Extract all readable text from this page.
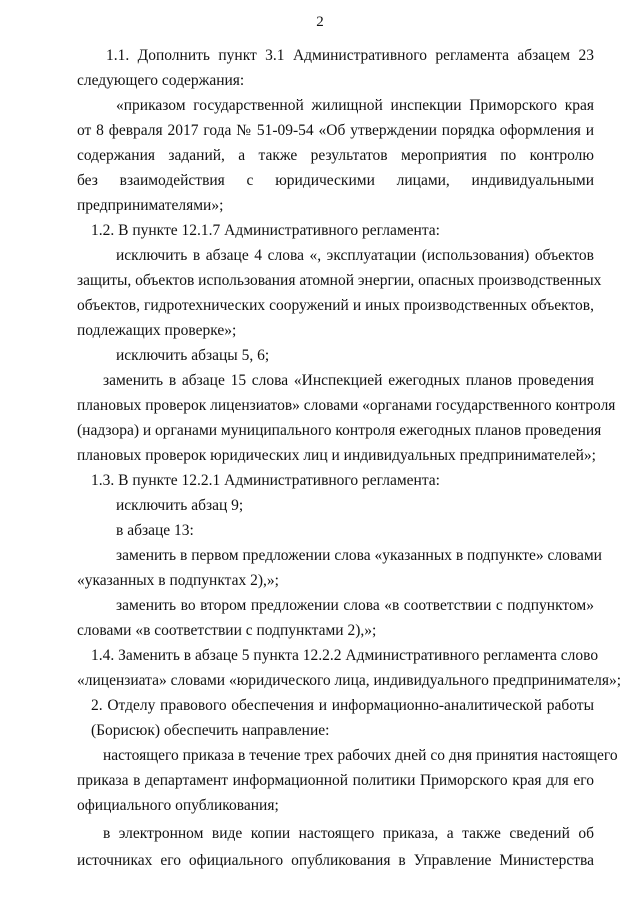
2
1.1. Дополнить пункт 3.1 Административного регламента абзацем 23
следующего содержания:
«приказом государственной жилищной инспекции Приморского края
от 8 февраля 2017 года № 51-09-54 «Об утверждении порядка оформления и
содержания заданий, а также результатов мероприятия по контролю
без взаимодействия с юридическими лицами, индивидуальными
предпринимателями»;
1.2. В пункте 12.1.7 Административного регламента:
исключить в абзаце 4 слова «, эксплуатации (использования) объектов
защиты, объектов использования атомной энергии, опасных производственных
объектов, гидротехнических сооружений и иных производственных объектов,
подлежащих проверке»;
исключить абзацы 5, 6;
заменить в абзаце 15 слова «Инспекцией ежегодных планов проведения
плановых проверок лицензиатов» словами «органами государственного контроля
(надзора) и органами муниципального контроля ежегодных планов проведения
плановых проверок юридических лиц и индивидуальных предпринимателей»;
1.3. В пункте 12.2.1 Административного регламента:
исключить абзац 9;
в абзаце 13:
заменить в первом предложении слова «указанных в подпункте» словами
«указанных в подпунктах 2),»;
заменить во втором предложении слова «в соответствии с подпунктом»
словами «в соответствии с подпунктами 2),»;
1.4. Заменить в абзаце 5 пункта 12.2.2 Административного регламента слово
«лицензиата» словами «юридического лица, индивидуального предпринимателя»;
2. Отделу правового обеспечения и информационно-аналитической работы
(Борисюк) обеспечить направление:
настоящего приказа в течение трех рабочих дней со дня принятия настоящего
приказа в департамент информационной политики Приморского края для его
официального опубликования;
в электронном виде копии настоящего приказа, а также сведений об
источниках его официального опубликования в Управление Министерства
